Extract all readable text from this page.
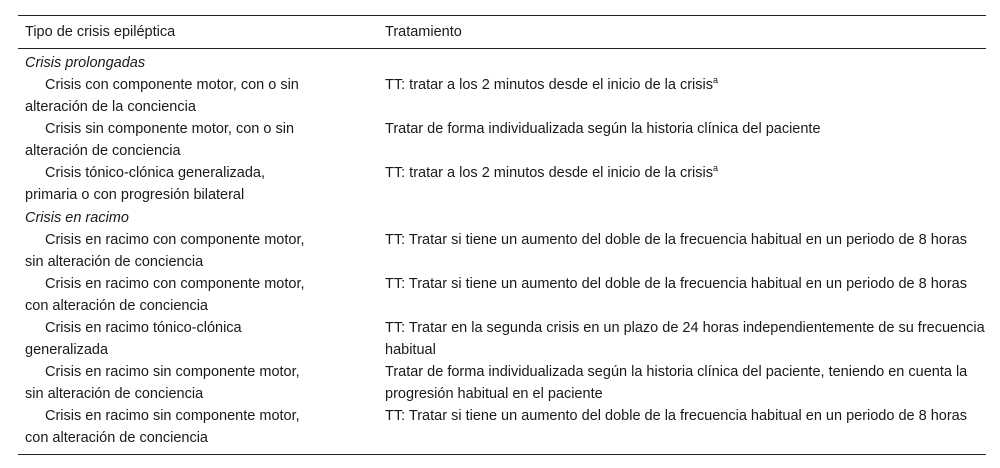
Tipo de crisis epiléptica	Tratamiento
Crisis prolongadas	
Crisis con componente motor, con o sin
alteración de la conciencia	TT: tratar a los 2 minutos desde el inicio de la crisis$^a$
Crisis sin componente motor, con o sin
alteración de conciencia	Tratar de forma individualizada según la historia clínica del paciente
Crisis tónico-clónica generalizada,
primaria o con progresión bilateral	TT: tratar a los 2 minutos desde el inicio de la crisis$^a$
Crisis en racimo	
Crisis en racimo con componente motor,
sin alteración de conciencia	TT: Tratar si tiene un aumento del doble de la frecuencia habitual en un periodo de 8 horas
Crisis en racimo con componente motor,
con alteración de conciencia	TT: Tratar si tiene un aumento del doble de la frecuencia habitual en un periodo de 8 horas
Crisis en racimo tónico-clónica
generalizada	TT: Tratar en la segunda crisis en un plazo de 24 horas independientemente de su frecuencia habitual
Crisis en racimo sin componente motor,
sin alteración de conciencia	Tratar de forma individualizada según la historia clínica del paciente, teniendo en cuenta la progresión habitual en el paciente
Crisis en racimo sin componente motor,
con alteración de conciencia	TT: Tratar si tiene un aumento del doble de la frecuencia habitual en un periodo de 8 horas
